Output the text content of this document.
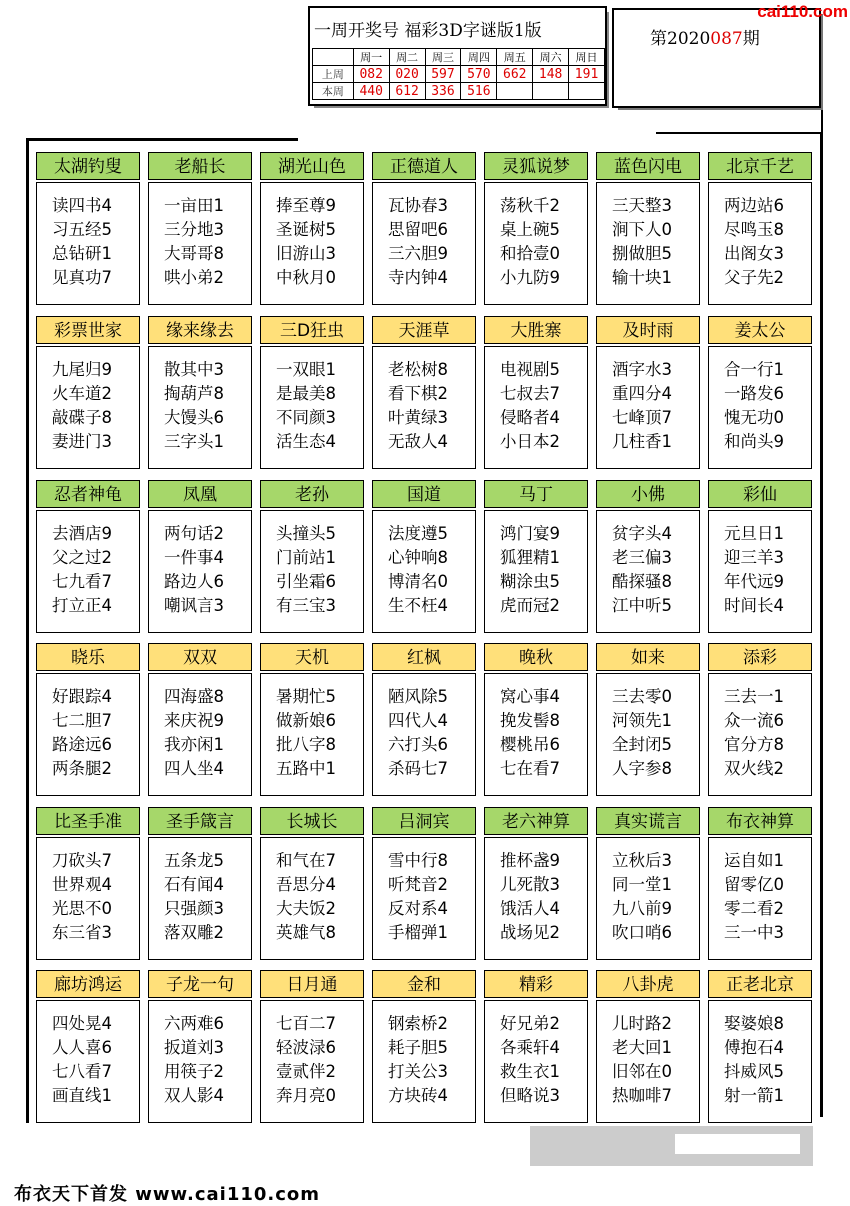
一周开奖号 福彩3D字谜版1版
	周一	周二	周三	周四	周五	周六	周日
上周	082	020	597	570	662	148	191
本周	440	612	336	516			
第2020087期
cai110.com
太湖钓叟
读四书4
习五经5
总钻研1
见真功7
老船长
一亩田1
三分地3
大哥哥8
哄小弟2
湖光山色
捧至尊9
圣诞树5
旧游山3
中秋月0
正德道人
瓦协春3
思留吧6
三六胆9
寺内钟4
灵狐说梦
荡秋千2
桌上碗5
和拾壹0
小九防9
蓝色闪电
三天整3
涧下人0
捌做胆5
输十块1
北京千艺
两边站6
尽鸣玉8
出阁女3
父子先2
彩票世家
九尾归9
火车道2
敲碟子8
妻进门3
缘来缘去
散其中3
掏葫芦8
大馒头6
三字头1
三D狂虫
一双眼1
是最美8
不同颜3
活生态4
天涯草
老松树8
看下棋2
叶黄绿3
无敌人4
大胜寨
电视剧5
七叔去7
侵略者4
小日本2
及时雨
酒字水3
重四分4
七峰顶7
几柱香1
姜太公
合一行1
一路发6
愧无功0
和尚头9
忍者神龟
去酒店9
父之过2
七九看7
打立正4
凤凰
两句话2
一件事4
路边人6
嘲讽言3
老孙
头撞头5
门前站1
引坐霜6
有三宝3
国道
法度遵5
心钟响8
博清名0
生不枉4
马丁
鸿门宴9
狐狸精1
糊涂虫5
虎而冠2
小佛
贫字头4
老三偏3
酷探骚8
江中听5
彩仙
元旦日1
迎三羊3
年代远9
时间长4
晓乐
好跟踪4
七二胆7
路途远6
两条腿2
双双
四海盛8
来庆祝9
我亦闲1
四人坐4
天机
暑期忙5
做新娘6
批八字8
五路中1
红枫
陋风除5
四代人4
六打头6
杀码七7
晚秋
窝心事4
挽发髻8
樱桃吊6
七在看7
如来
三去零0
河领先1
全封闭5
人字参8
添彩
三去一1
众一流6
官分方8
双火线2
比圣手准
刀砍头7
世界观4
光思不0
东三省3
圣手箴言
五条龙5
石有闻4
只强颜3
落双雕2
长城长
和气在7
吾思分4
大夫饭2
英雄气8
吕洞宾
雪中行8
听梵音2
反对系4
手榴弹1
老六神算
推杯盏9
儿死散3
饿活人4
战场见2
真实谎言
立秋后3
同一堂1
九八前9
吹口哨6
布衣神算
运自如1
留零亿0
零二看2
三一中3
廊坊鸿运
四处晃4
人人喜6
七八看7
画直线1
子龙一句
六两难6
扳道刘3
用筷子2
双人影4
日月通
七百二7
轻波渌6
壹贰伴2
奔月亮0
金和
钢索桥2
耗子胆5
打关公3
方块砖4
精彩
好兄弟2
各乘轩4
救生衣1
但略说3
八卦虎
儿时路2
老大回1
旧邻在0
热咖啡7
正老北京
娶婆娘8
傅抱石4
抖威风5
射一箭1
布衣天下首发 www.cai110.com
